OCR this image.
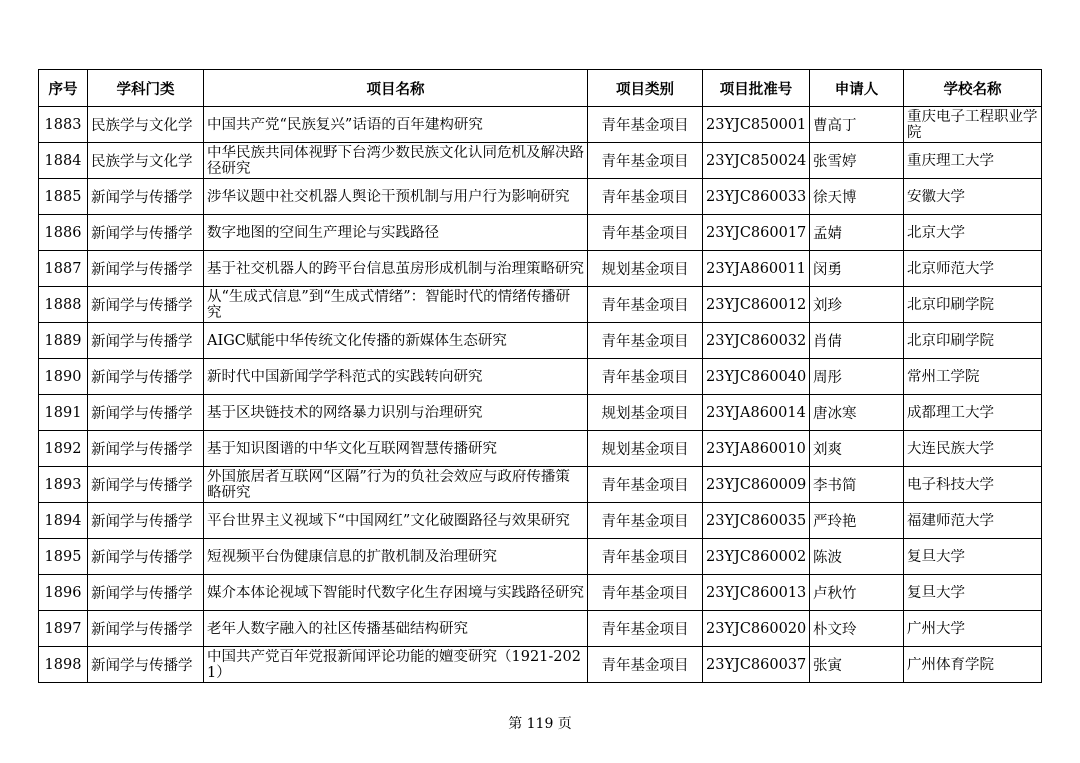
序号	学科门类	项目名称	项目类别	项目批准号	申请人	学校名称
1883	民族学与文化学	中国共产党“民族复兴”话语的百年建构研究	青年基金项目	23YJC850001	曹高丁	重庆电子工程职业学院

1884	民族学与文化学	中华民族共同体视野下台湾少数民族文化认同危机及解决路径研究	青年基金项目	23YJC850024	张雪婷	重庆理工大学

1885	新闻学与传播学	涉华议题中社交机器人舆论干预机制与用户行为影响研究	青年基金项目	23YJC860033	徐天博	安徽大学

1886	新闻学与传播学	数字地图的空间生产理论与实践路径	青年基金项目	23YJC860017	孟婧	北京大学

1887	新闻学与传播学	基于社交机器人的跨平台信息茧房形成机制与治理策略研究	规划基金项目	23YJA860011	闵勇	北京师范大学

1888	新闻学与传播学	从“生成式信息”到“生成式情绪”：智能时代的情绪传播研究	青年基金项目	23YJC860012	刘珍	北京印刷学院

1889	新闻学与传播学	AIGC赋能中华传统文化传播的新媒体生态研究	青年基金项目	23YJC860032	肖倩	北京印刷学院

1890	新闻学与传播学	新时代中国新闻学学科范式的实践转向研究	青年基金项目	23YJC860040	周彤	常州工学院

1891	新闻学与传播学	基于区块链技术的网络暴力识别与治理研究	规划基金项目	23YJA860014	唐冰寒	成都理工大学

1892	新闻学与传播学	基于知识图谱的中华文化互联网智慧传播研究	规划基金项目	23YJA860010	刘爽	大连民族大学

1893	新闻学与传播学	外国旅居者互联网“区隔”行为的负社会效应与政府传播策略研究	青年基金项目	23YJC860009	李书简	电子科技大学

1894	新闻学与传播学	平台世界主义视域下“中国网红”文化破圈路径与效果研究	青年基金项目	23YJC860035	严玲艳	福建师范大学

1895	新闻学与传播学	短视频平台伪健康信息的扩散机制及治理研究	青年基金项目	23YJC860002	陈波	复旦大学

1896	新闻学与传播学	媒介本体论视域下智能时代数字化生存困境与实践路径研究	青年基金项目	23YJC860013	卢秋竹	复旦大学

1897	新闻学与传播学	老年人数字融入的社区传播基础结构研究	青年基金项目	23YJC860020	朴文玲	广州大学

1898	新闻学与传播学	中国共产党百年党报新闻评论功能的嬗变研究（1921-2021）	青年基金项目	23YJC860037	张寅	广州体育学院
第 119 页
